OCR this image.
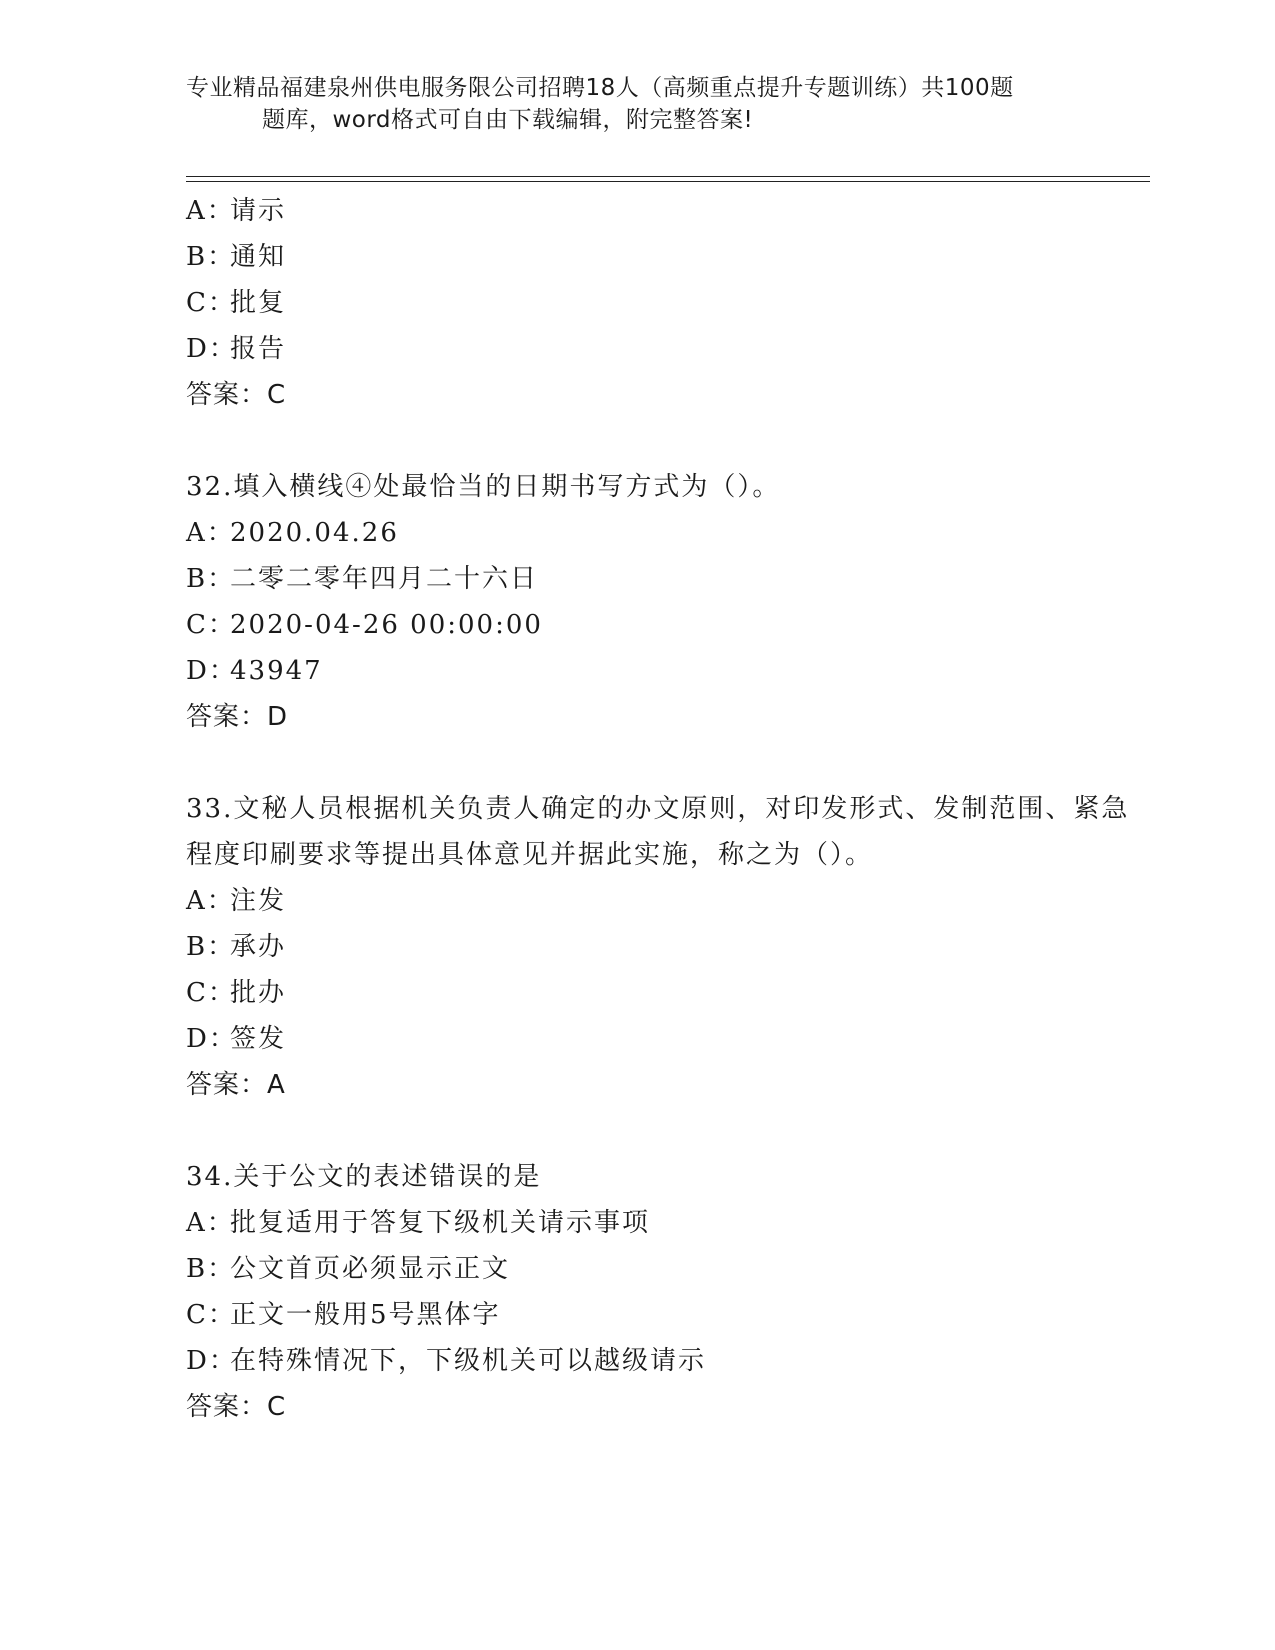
专业精品福建泉州供电服务限公司招聘18人（高频重点提升专题训练）共100题
题库，word格式可自由下载编辑，附完整答案!
A：请示
B：通知
C：批复
D：报告
答案：C
32.填入横线④处最恰当的日期书写方式为（）。
A：2020.04.26
B：二零二零年四月二十六日
C：2020-04-26 00:00:00
D：43947
答案：D
33.文秘人员根据机关负责人确定的办文原则，对印发形式、发制范围、紧急程度印刷要求等提出具体意见并据此实施，称之为（）。
A：注发
B：承办
C：批办
D：签发
答案：A
34.关于公文的表述错误的是
A：批复适用于答复下级机关请示事项
B：公文首页必须显示正文
C：正文一般用5号黑体字
D：在特殊情况下，下级机关可以越级请示
答案：C
